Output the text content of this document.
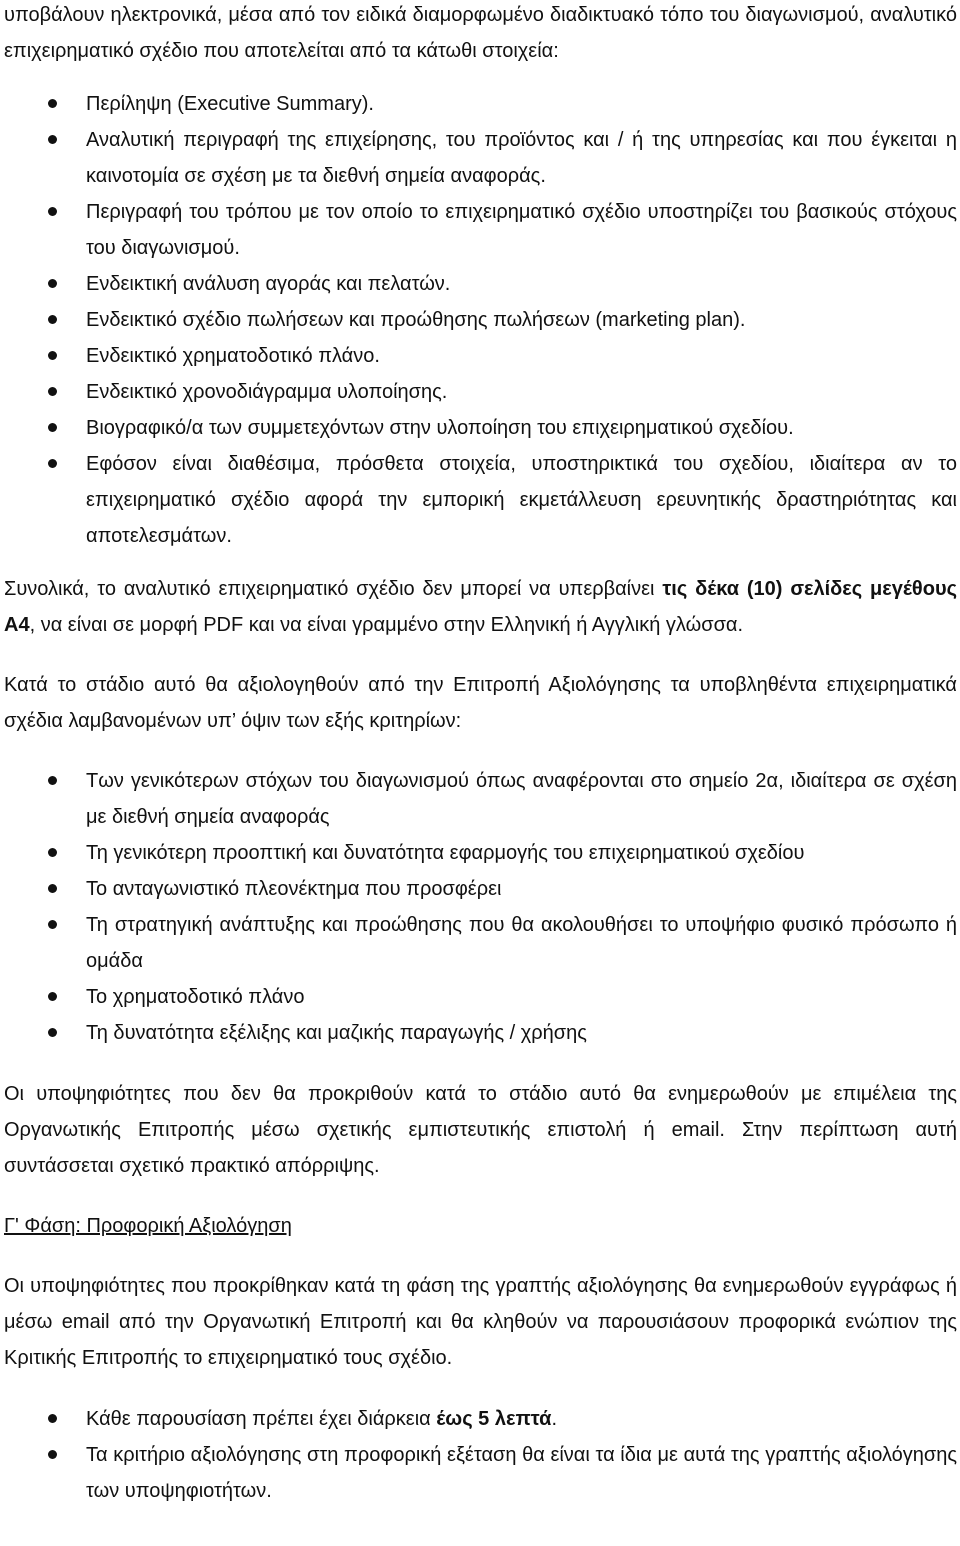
υποβάλουν ηλεκτρονικά, μέσα από τον ειδικά διαμορφωμένο διαδικτυακό τόπο του διαγωνισμού, αναλυτικό επιχειρηματικό σχέδιο που αποτελείται από τα κάτωθι στοιχεία:

Περίληψη (Executive Summary).
Αναλυτική περιγραφή της επιχείρησης, του προϊόντος και / ή της υπηρεσίας και που έγκειται η καινοτομία σε σχέση με τα διεθνή σημεία αναφοράς.
Περιγραφή του τρόπου με τον οποίο το επιχειρηματικό σχέδιο υποστηρίζει του βασικούς στόχους του διαγωνισμού.
Ενδεικτική ανάλυση αγοράς και πελατών.
Ενδεικτικό σχέδιο πωλήσεων και προώθησης πωλήσεων (marketing plan).
Ενδεικτικό χρηματοδοτικό πλάνο.
Ενδεικτικό χρονοδιάγραμμα υλοποίησης.
Βιογραφικό/α των συμμετεχόντων στην υλοποίηση του επιχειρηματικού σχεδίου.
Εφόσον είναι διαθέσιμα, πρόσθετα στοιχεία, υποστηρικτικά του σχεδίου, ιδιαίτερα αν το επιχειρηματικό σχέδιο αφορά την εμπορική εκμετάλλευση ερευνητικής δραστηριότητας και αποτελεσμάτων.

Συνολικά, το αναλυτικό επιχειρηματικό σχέδιο δεν μπορεί να υπερβαίνει τις δέκα (10) σελίδες μεγέθους Α4, να είναι σε μορφή PDF και να είναι γραμμένο στην Ελληνική ή Αγγλική γλώσσα.

Κατά το στάδιο αυτό θα αξιολογηθούν από την Επιτροπή Αξιολόγησης τα υποβληθέντα επιχειρηματικά σχέδια λαμβανομένων υπ’ όψιν των εξής κριτηρίων:

Των γενικότερων στόχων του διαγωνισμού όπως αναφέρονται στο σημείο 2α, ιδιαίτερα σε σχέση με διεθνή σημεία αναφοράς
Τη γενικότερη προοπτική και δυνατότητα εφαρμογής του επιχειρηματικού σχεδίου
Το ανταγωνιστικό πλεονέκτημα που προσφέρει
Τη στρατηγική ανάπτυξης και προώθησης που θα ακολουθήσει το υποψήφιο φυσικό πρόσωπο ή ομάδα
Το χρηματοδοτικό πλάνο
Τη δυνατότητα εξέλιξης και μαζικής παραγωγής / χρήσης

Οι υποψηφιότητες που δεν θα προκριθούν κατά το στάδιο αυτό θα ενημερωθούν με επιμέλεια της Οργανωτικής Επιτροπής μέσω σχετικής εμπιστευτικής επιστολή ή email. Στην περίπτωση αυτή συντάσσεται σχετικό πρακτικό απόρριψης.

Γ' Φάση: Προφορική Αξιολόγηση

Οι υποψηφιότητες που προκρίθηκαν κατά τη φάση της γραπτής αξιολόγησης θα ενημερωθούν εγγράφως ή μέσω email από την Οργανωτική Επιτροπή και θα κληθούν να παρουσιάσουν προφορικά ενώπιον της Κριτικής Επιτροπής το επιχειρηματικό τους σχέδιο.

Κάθε παρουσίαση πρέπει έχει διάρκεια έως 5 λεπτά.
Τα κριτήριο αξιολόγησης στη προφορική εξέταση θα είναι τα ίδια με αυτά της γραπτής αξιολόγησης των υποψηφιοτήτων.
